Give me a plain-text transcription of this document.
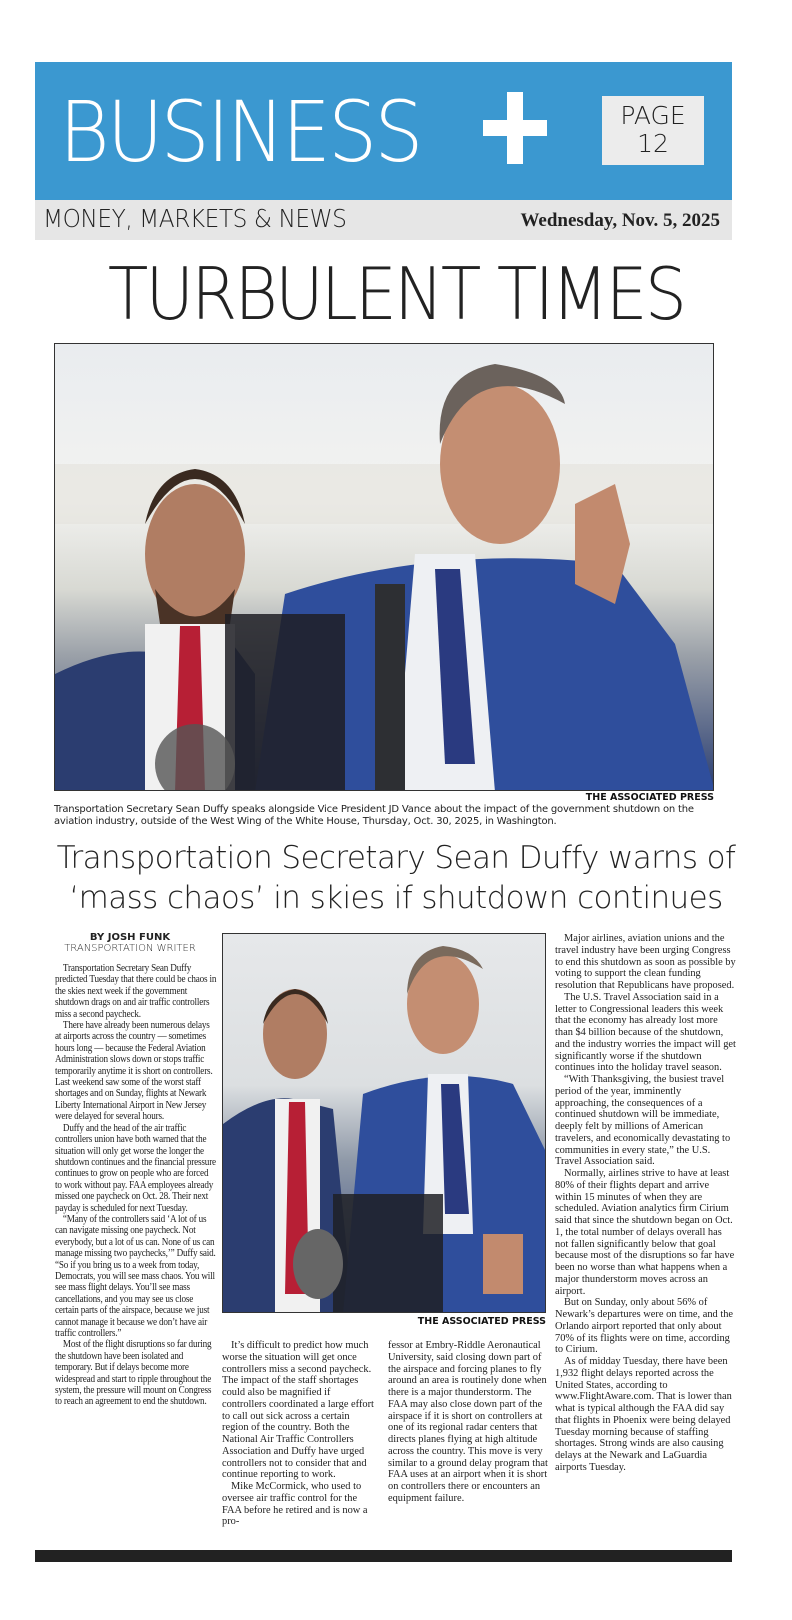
BUSINESS	PAGE
12
MONEY, MARKETS & NEWS	Wednesday, Nov. 5, 2025
TURBULENT TIMES
THE ASSOCIATED PRESS
Transportation Secretary Sean Duffy speaks alongside Vice President JD Vance about the impact of the government shutdown on the aviation industry, outside of the West Wing of the White House, Thursday, Oct. 30, 2025, in Washington.
Transportation Secretary Sean Duffy warns of ‘mass chaos’ in skies if shutdown continues
BY JOSH FUNK
TRANSPORTATION WRITER

Transportation Secretary Sean Duffy predicted Tuesday that there could be chaos in the skies next week if the government shutdown drags on and air traffic controllers miss a second paycheck.

There have already been numerous delays at airports across the country — sometimes hours long — because the Federal Aviation Administration slows down or stops traffic temporarily anytime it is short on controllers. Last weekend saw some of the worst staff shortages and on Sunday, flights at Newark Liberty International Airport in New Jersey were delayed for several hours.

Duffy and the head of the air traffic controllers union have both warned that the situation will only get worse the longer the shutdown continues and the financial pressure continues to grow on people who are forced to work without pay. FAA employees already missed one paycheck on Oct. 28. Their next payday is scheduled for next Tuesday.

“Many of the controllers said ‘A lot of us can navigate missing one paycheck. Not everybody, but a lot of us can. None of us can manage missing two paychecks,’” Duffy said. “So if you bring us to a week from today, Democrats, you will see mass chaos. You will see mass flight delays. You’ll see mass cancellations, and you may see us close certain parts of the airspace, because we just cannot manage it because we don’t have air traffic controllers.”

Most of the flight disruptions so far during the shutdown have been isolated and temporary. But if delays become more widespread and start to ripple throughout the system, the pressure will mount on Congress to reach an agreement to end the shutdown.

THE ASSOCIATED PRESS

It’s difficult to predict how much worse the situation will get once controllers miss a second paycheck. The impact of the staff shortages could also be magnified if controllers coordinated a large effort to call out sick across a certain region of the country. Both the National Air Traffic Controllers Association and Duffy have urged controllers not to consider that and continue reporting to work.

Mike McCormick, who used to oversee air traffic control for the FAA before he retired and is now a pro-

fessor at Embry-Riddle Aeronautical University, said closing down part of the airspace and forcing planes to fly around an area is routinely done when there is a major thunderstorm. The FAA may also close down part of the airspace if it is short on controllers at one of its regional radar centers that directs planes flying at high altitude across the country. This move is very similar to a ground delay program that FAA uses at an airport when it is short on controllers there or encounters an equipment failure.

Major airlines, aviation unions and the travel industry have been urging Congress to end this shutdown as soon as possible by voting to support the clean funding resolution that Republicans have proposed.

The U.S. Travel Association said in a letter to Congressional leaders this week that the economy has already lost more than $4 billion because of the shutdown, and the industry worries the impact will get significantly worse if the shutdown continues into the holiday travel season.

“With Thanksgiving, the busiest travel period of the year, imminently approaching, the consequences of a continued shutdown will be immediate, deeply felt by millions of American travelers, and economically devastating to communities in every state,” the U.S. Travel Association said.

Normally, airlines strive to have at least 80% of their flights depart and arrive within 15 minutes of when they are scheduled. Aviation analytics firm Cirium said that since the shutdown began on Oct. 1, the total number of delays overall has not fallen significantly below that goal because most of the disruptions so far have been no worse than what happens when a major thunderstorm moves across an airport.

But on Sunday, only about 56% of Newark’s departures were on time, and the Orlando airport reported that only about 70% of its flights were on time, according to Cirium.

As of midday Tuesday, there have been 1,932 flight delays reported across the United States, according to www.FlightAware.com. That is lower than what is typical although the FAA did say that flights in Phoenix were being delayed Tuesday morning because of staffing shortages. Strong winds are also causing delays at the Newark and LaGuardia airports Tuesday.
